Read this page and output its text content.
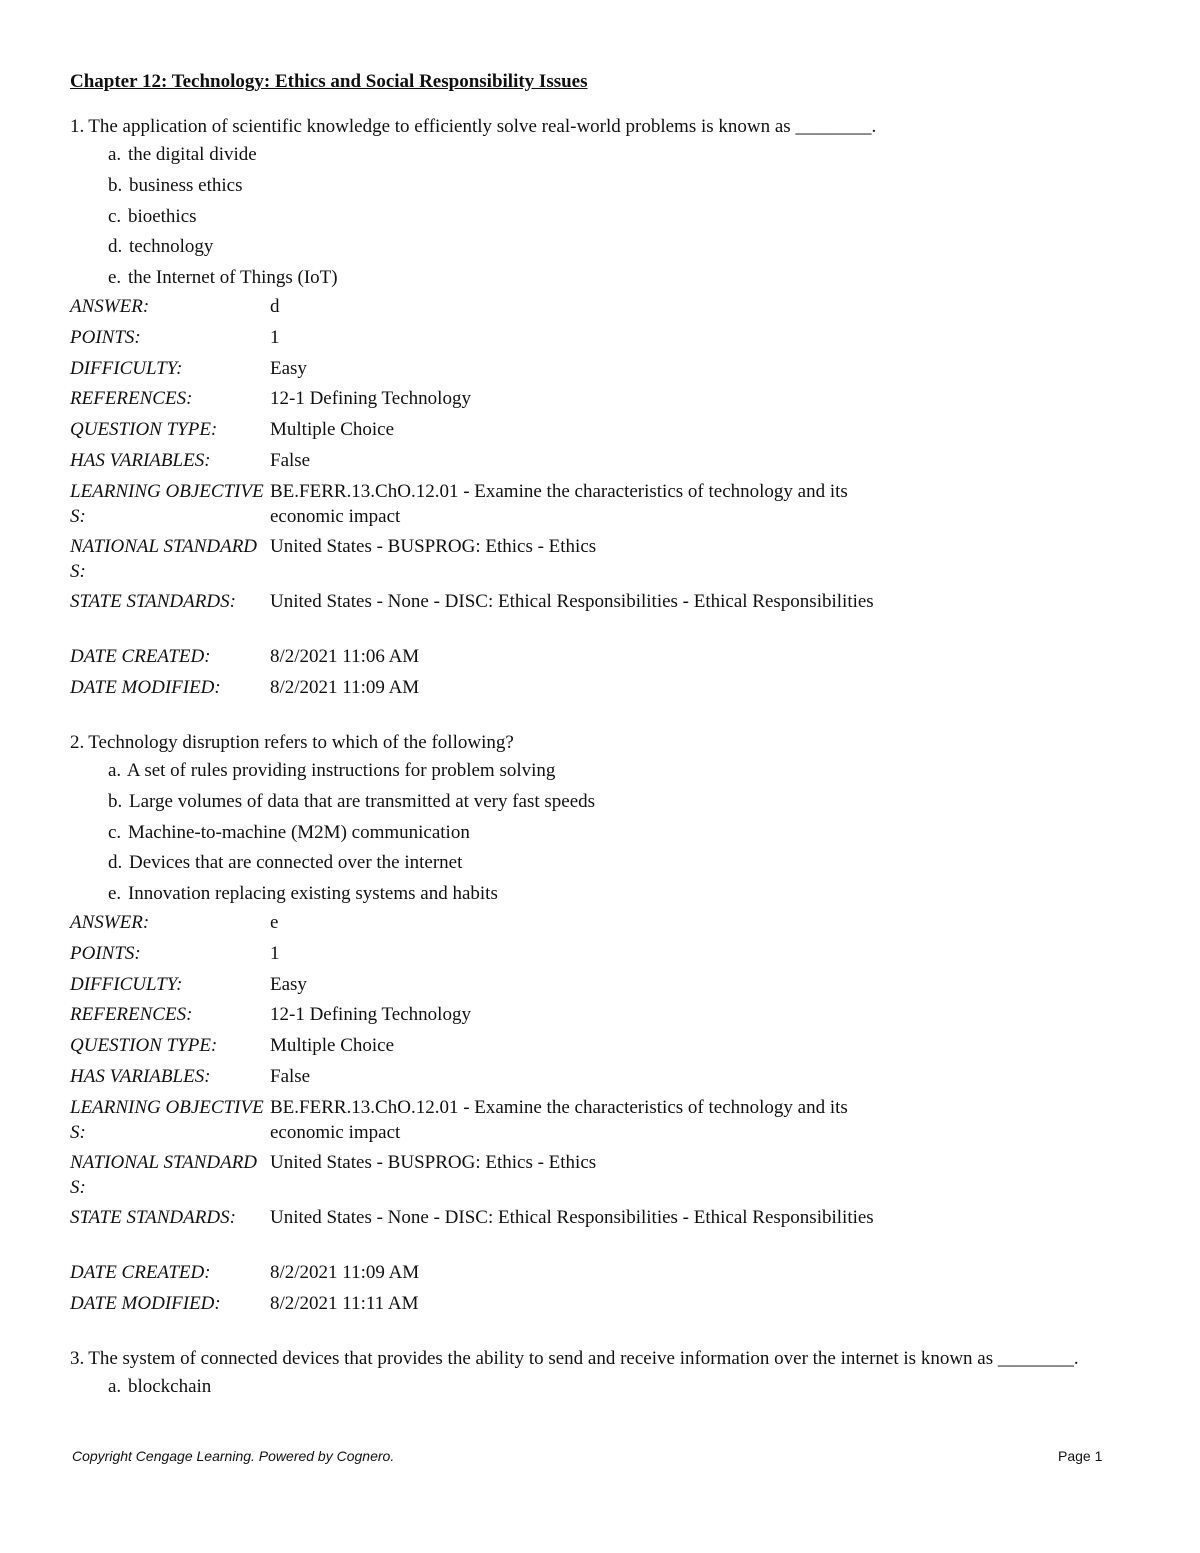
Chapter 12: Technology: Ethics and Social Responsibility Issues

1. The application of scientific knowledge to efficiently solve real-world problems is known as ________.

a. the digital divide
b. business ethics
c. bioethics
d. technology
e. the Internet of Things (IoT)
ANSWER:	d
POINTS:	1
DIFFICULTY:	Easy
REFERENCES:	12-1 Defining Technology
QUESTION TYPE:	Multiple Choice
HAS VARIABLES:	False
LEARNING OBJECTIVES:
BE.FERR.13.ChO.12.01 - Examine the characteristics of technology and its economic impact
NATIONAL STANDARDS:
United States - BUSPROG: Ethics - Ethics
STATE STANDARDS:	United States - None - DISC: Ethical Responsibilities - Ethical Responsibilities
DATE CREATED:	8/2/2021 11:06 AM
DATE MODIFIED:	8/2/2021 11:09 AM

2. Technology disruption refers to which of the following?

a. A set of rules providing instructions for problem solving
b. Large volumes of data that are transmitted at very fast speeds
c. Machine-to-machine (M2M) communication
d. Devices that are connected over the internet
e. Innovation replacing existing systems and habits
ANSWER:	e
POINTS:	1
DIFFICULTY:	Easy
REFERENCES:	12-1 Defining Technology
QUESTION TYPE:	Multiple Choice
HAS VARIABLES:	False
LEARNING OBJECTIVES:
BE.FERR.13.ChO.12.01 - Examine the characteristics of technology and its economic impact
NATIONAL STANDARDS:
United States - BUSPROG: Ethics - Ethics
STATE STANDARDS:	United States - None - DISC: Ethical Responsibilities - Ethical Responsibilities
DATE CREATED:	8/2/2021 11:09 AM
DATE MODIFIED:	8/2/2021 11:11 AM

3. The system of connected devices that provides the ability to send and receive information over the internet is known as ________.

a. blockchain
Copyright Cengage Learning. Powered by Cognero.	Page 1
